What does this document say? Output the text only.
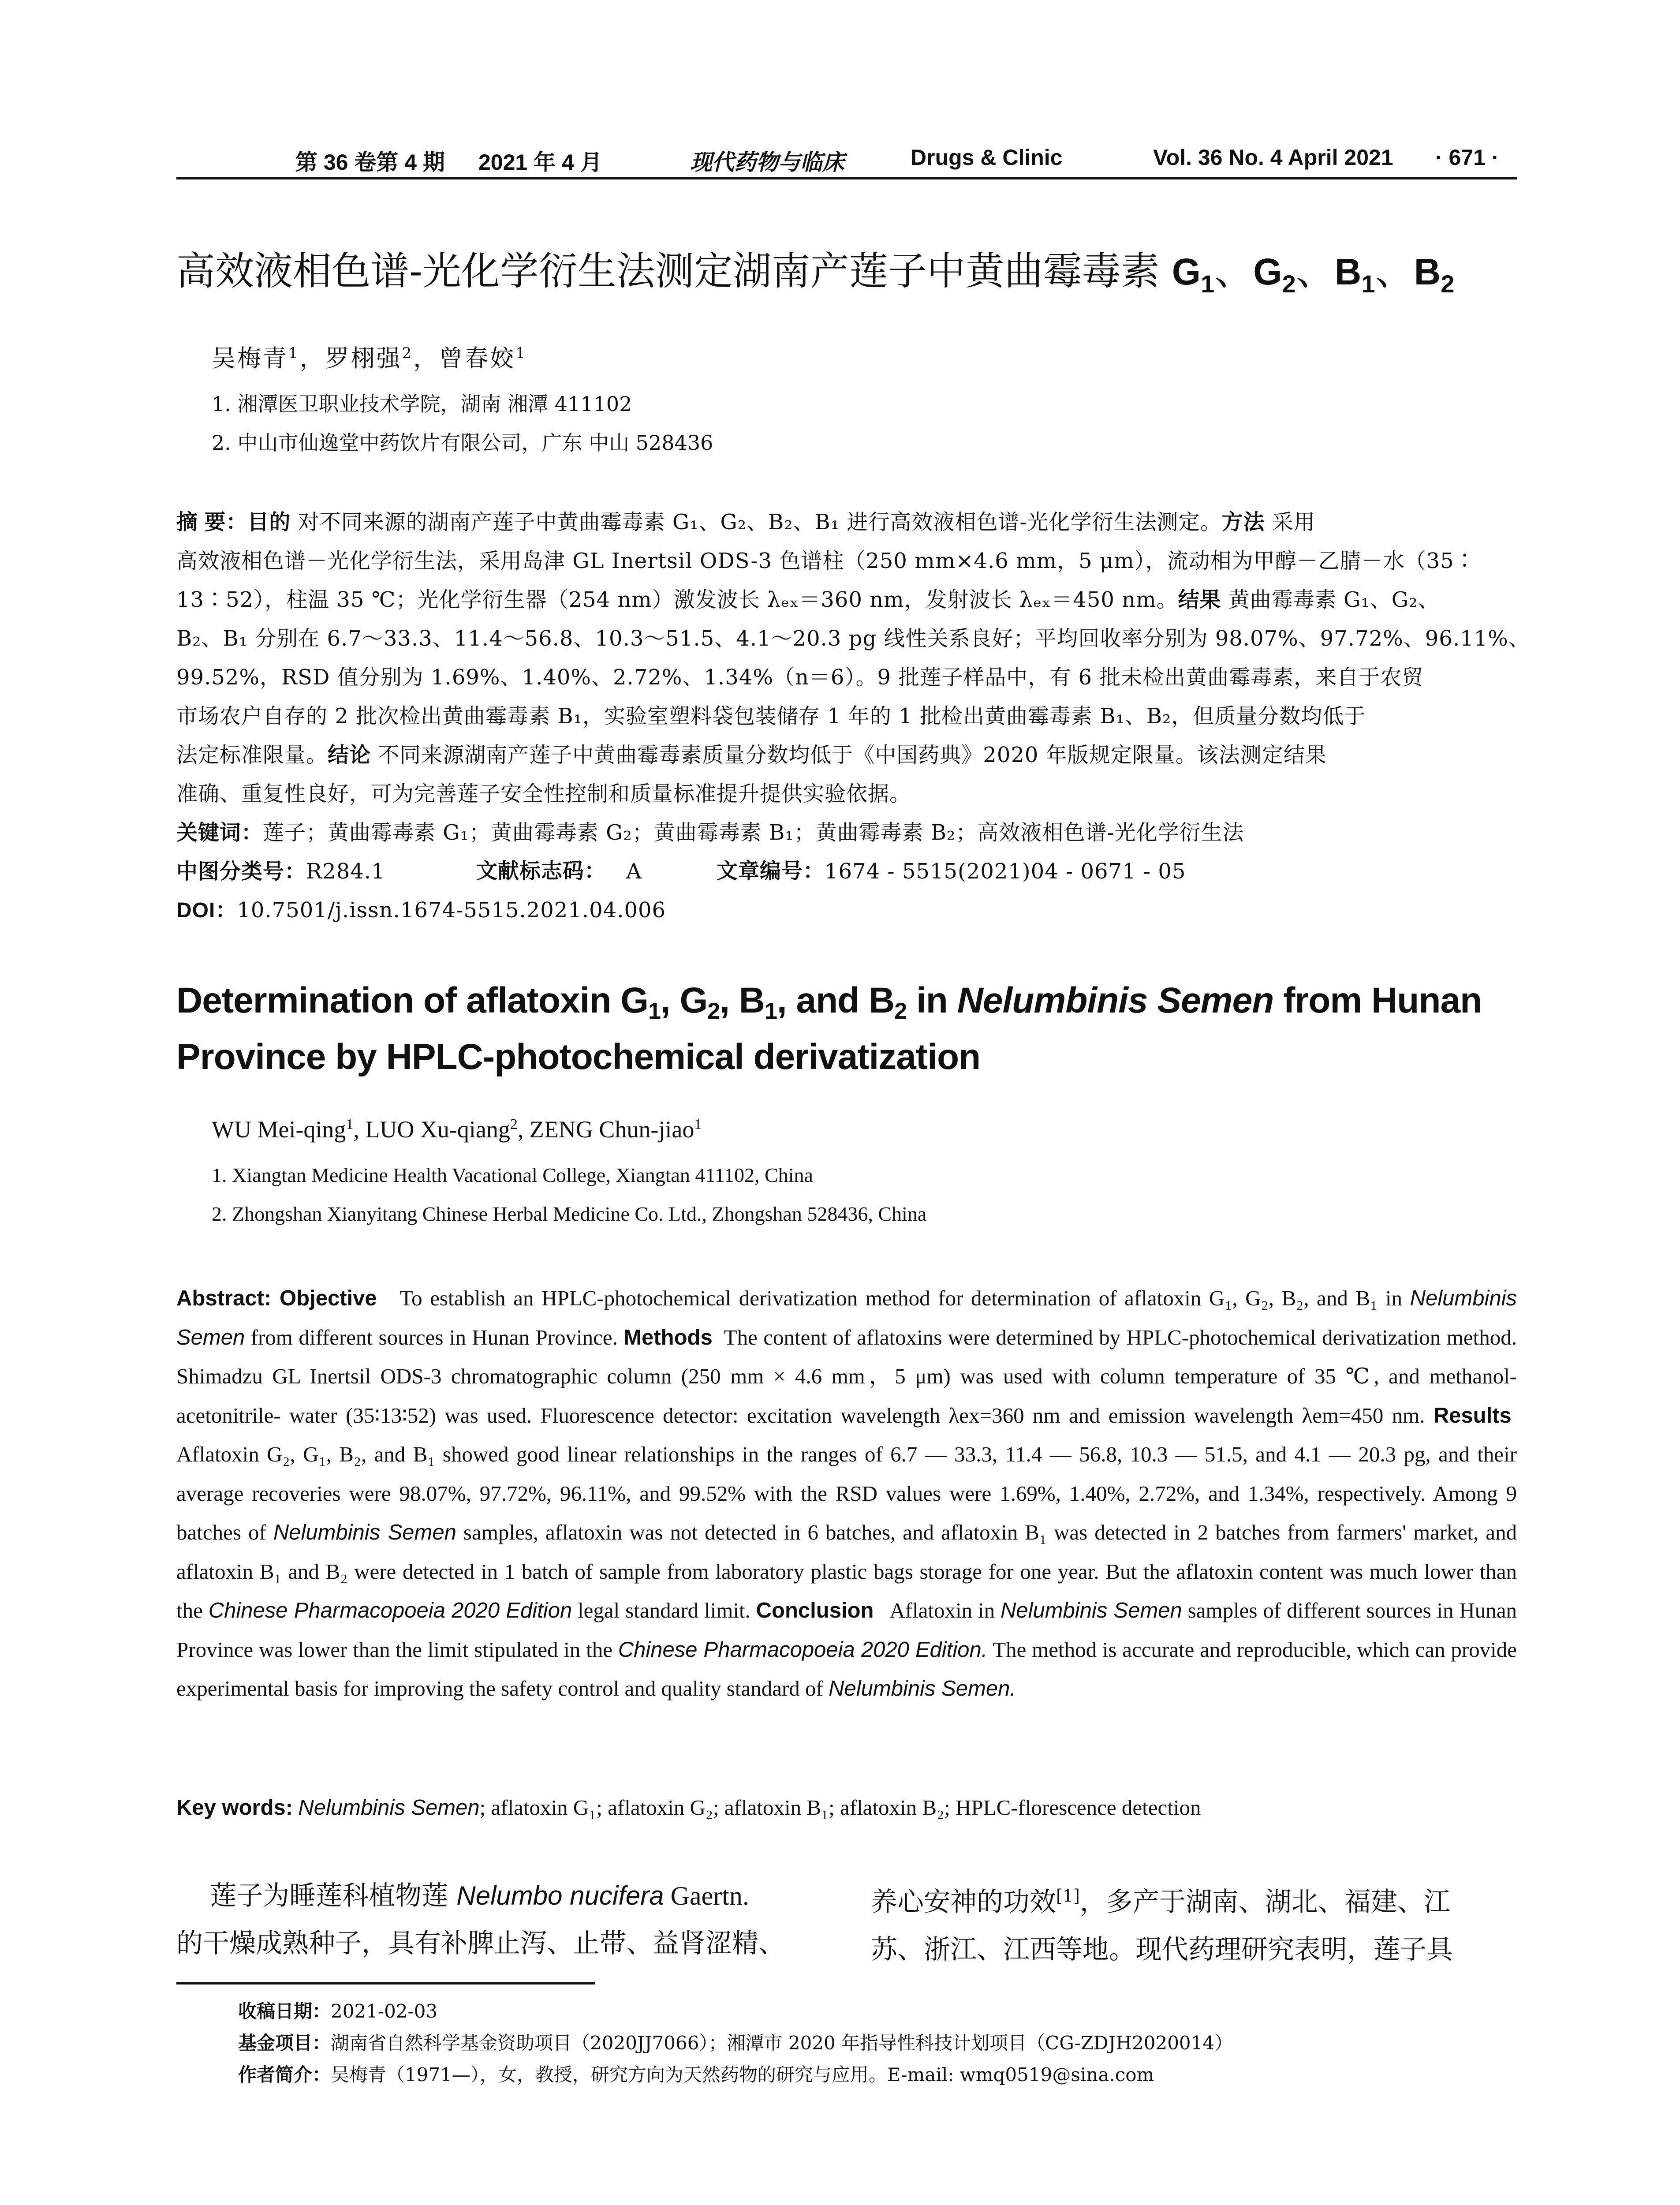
第 36 卷第 4 期 2021 年 4 月	现代药物与临床	Drugs & Clinic	Vol. 36 No. 4 April 2021 · 671 ·
高效液相色谱-光化学衍生法测定湖南产莲子中黄曲霉毒素 $G_1$、$G_2$、$B_1$、$B_2$
吴梅青$^1$，罗栩强$^2$，曾春姣$^1$
1. 湘潭医卫职业技术学院，湖南 湘潭 411102
2. 中山市仙逸堂中药饮片有限公司，广东 中山 528436
摘 要：目的 对不同来源的湖南产莲子中黄曲霉毒素 G₁、G₂、B₂、B₁ 进行高效液相色谱-光化学衍生法测定。方法 采用
高效液相色谱－光化学衍生法，采用岛津 GL Inertsil ODS-3 色谱柱（250 mm×4.6 mm，5 μm），流动相为甲醇－乙腈－水（35∶
13∶52），柱温 35 ℃；光化学衍生器（254 nm）激发波长 λₑₓ＝360 nm，发射波长 λₑₓ＝450 nm。结果 黄曲霉毒素 G₁、G₂、
B₂、B₁ 分别在 6.7～33.3、11.4～56.8、10.3～51.5、4.1～20.3 pg 线性关系良好；平均回收率分别为 98.07%、97.72%、96.11%、
99.52%，RSD 值分别为 1.69%、1.40%、2.72%、1.34%（n＝6）。9 批莲子样品中，有 6 批未检出黄曲霉毒素，来自于农贸
市场农户自存的 2 批次检出黄曲霉毒素 B₁，实验室塑料袋包装储存 1 年的 1 批检出黄曲霉毒素 B₁、B₂，但质量分数均低于
法定标准限量。结论 不同来源湖南产莲子中黄曲霉毒素质量分数均低于《中国药典》2020 年版规定限量。该法测定结果
准确、重复性良好，可为完善莲子安全性控制和质量标准提升提供实验依据。
关键词：莲子；黄曲霉毒素 G₁；黄曲霉毒素 G₂；黄曲霉毒素 B₁；黄曲霉毒素 B₂；高效液相色谱-光化学衍生法
中图分类号：R284.1	文献标志码： A	文章编号： 1674 - 5515(2021)04 - 0671 - 05
DOI：10.7501/j.issn.1674-5515.2021.04.006
Determination of aflatoxin G1, G2, B1, and B2 in Nelumbinis Semen from Hunan Province by HPLC-photochemical derivatization
WU Mei-qing$^1$, LUO Xu-qiang$^2$, ZENG Chun-jiao$^1$
1. Xiangtan Medicine Health Vacational College, Xiangtan 411102, China
2. Zhongshan Xianyitang Chinese Herbal Medicine Co. Ltd., Zhongshan 528436, China
Abstract: Objective To establish an HPLC-photochemical derivatization method for determination of aflatoxin G₁, G₂, B₂, and B₁ in Nelumbinis Semen from different sources in Hunan Province. Methods The content of aflatoxins were determined by HPLC-photochemical derivatization method. Shimadzu GL Inertsil ODS-3 chromatographic column (250 mm × 4.6 mm，5 μm) was used with column temperature of 35 ℃, and methanol- acetonitrile- water (35∶13∶52) was used. Fluorescence detector: excitation wavelength λex=360 nm and emission wavelength λem=450 nm. Results  Aflatoxin G₂, G₁, B₂, and B₁ showed good linear relationships in the ranges of 6.7 — 33.3, 11.4 — 56.8, 10.3 — 51.5, and 4.1 — 20.3 pg, and their average recoveries were 98.07%, 97.72%, 96.11%, and 99.52% with the RSD values were 1.69%, 1.40%, 2.72%, and 1.34%, respectively. Among 9 batches of Nelumbinis Semen samples, aflatoxin was not detected in 6 batches, and aflatoxin B₁ was detected in 2 batches from farmers' market, and aflatoxin B₁ and B₂ were detected in 1 batch of sample from laboratory plastic bags storage for one year. But the aflatoxin content was much lower than the Chinese Pharmacopoeia 2020 Edition legal standard limit. Conclusion Aflatoxin in Nelumbinis Semen samples of different sources in Hunan Province was lower than the limit stipulated in the Chinese Pharmacopoeia 2020 Edition. The method is accurate and reproducible, which can provide experimental basis for improving the safety control and quality standard of Nelumbinis Semen.
Key words: Nelumbinis Semen; aflatoxin G₁; aflatoxin G₂; aflatoxin B₁; aflatoxin B₂; HPLC-florescence detection
莲子为睡莲科植物莲 Nelumbo nucifera Gaertn.
的干燥成熟种子，具有补脾止泻、止带、益肾涩精、
养心安神的功效[1]，多产于湖南、湖北、福建、江
苏、浙江、江西等地。现代药理研究表明，莲子具
收稿日期：2021-02-03
基金项目：湖南省自然科学基金资助项目（2020JJ7066）；湘潭市 2020 年指导性科技计划项目（CG-ZDJH2020014）
作者简介：吴梅青（1971—），女，教授，研究方向为天然药物的研究与应用。E-mail: wmq0519@sina.com
